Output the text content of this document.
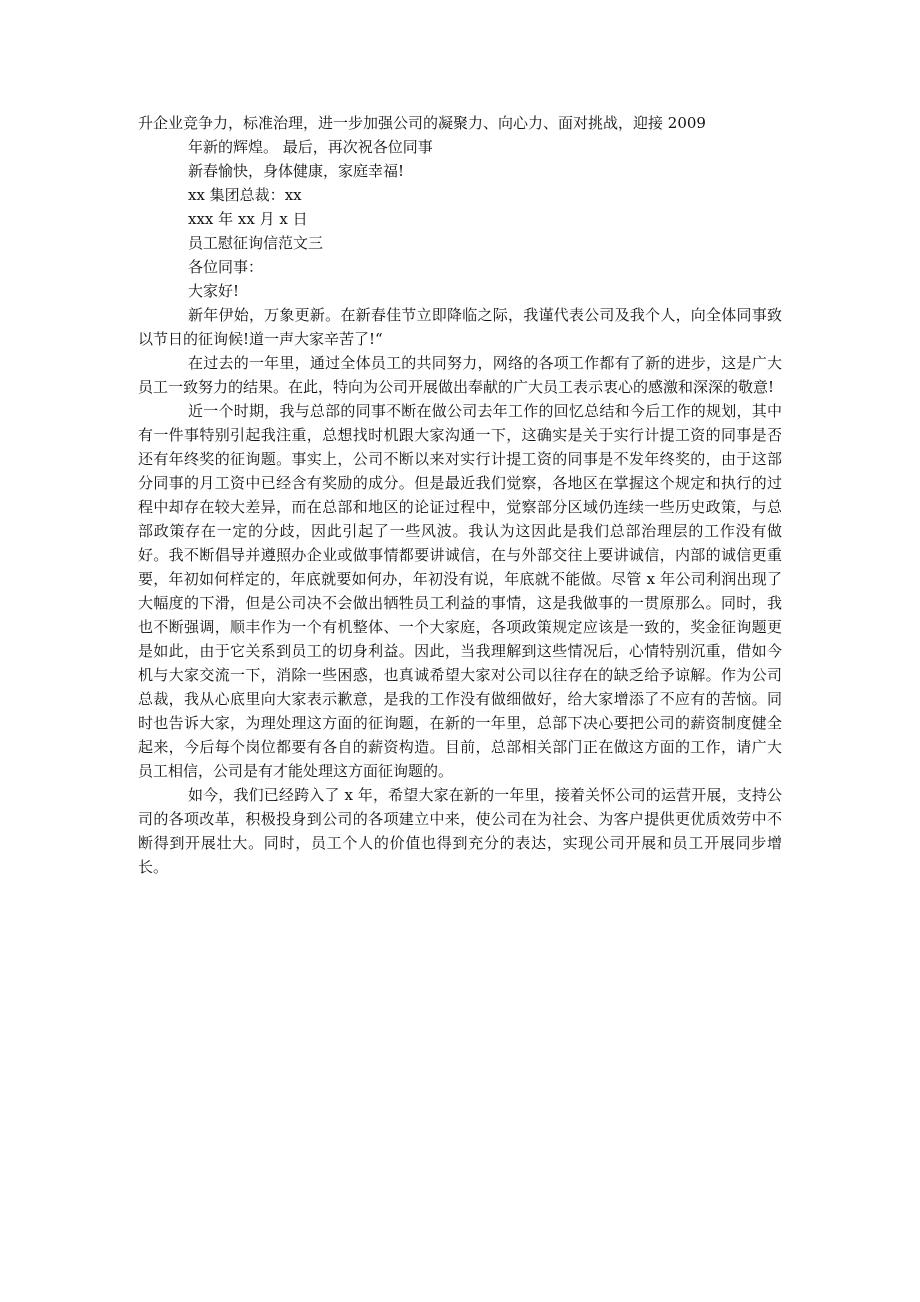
升企业竞争力，标准治理，进一步加强公司的凝聚力、向心力、面对挑战，迎接 2009
年新的辉煌。 最后，再次祝各位同事
新春愉快，身体健康，家庭幸福!
xx 集团总裁：xx
xxx 年 xx 月 x 日
员工慰征询信范文三
各位同事：
大家好!

新年伊始，万象更新。在新春佳节立即降临之际，我谨代表公司及我个人，向全体同事致以节日的征询候!道一声大家辛苦了!“

在过去的一年里，通过全体员工的共同努力，网络的各项工作都有了新的进步，这是广大员工一致努力的结果。在此，特向为公司开展做出奉献的广大员工表示衷心的感激和深深的敬意!

近一个时期，我与总部的同事不断在做公司去年工作的回忆总结和今后工作的规划，其中有一件事特别引起我注重，总想找时机跟大家沟通一下，这确实是关于实行计提工资的同事是否还有年终奖的征询题。事实上，公司不断以来对实行计提工资的同事是不发年终奖的，由于这部分同事的月工资中已经含有奖励的成分。但是最近我们觉察，各地区在掌握这个规定和执行的过程中却存在较大差异，而在总部和地区的论证过程中，觉察部分区域仍连续一些历史政策，与总部政策存在一定的分歧，因此引起了一些风波。我认为这因此是我们总部治理层的工作没有做好。我不断倡导并遵照办企业或做事情都要讲诚信，在与外部交往上要讲诚信，内部的诚信更重要，年初如何样定的，年底就要如何办，年初没有说，年底就不能做。尽管 x 年公司利润出现了大幅度的下滑，但是公司决不会做出牺牲员工利益的事情，这是我做事的一贯原那么。同时，我也不断强调，顺丰作为一个有机整体、一个大家庭，各项政策规定应该是一致的，奖金征询题更是如此，由于它关系到员工的切身利益。因此，当我理解到这些情况后，心情特别沉重，借如今机与大家交流一下，消除一些困惑，也真诚希望大家对公司以往存在的缺乏给予谅解。作为公司总裁，我从心底里向大家表示歉意，是我的工作没有做细做好，给大家增添了不应有的苦恼。同时也告诉大家，为理处理这方面的征询题，在新的一年里，总部下决心要把公司的薪资制度健全起来，今后每个岗位都要有各自的薪资构造。目前，总部相关部门正在做这方面的工作，请广大员工相信，公司是有才能处理这方面征询题的。

如今，我们已经跨入了 x 年，希望大家在新的一年里，接着关怀公司的运营开展，支持公司的各项改革，积极投身到公司的各项建立中来，使公司在为社会、为客户提供更优质效劳中不断得到开展壮大。同时，员工个人的价值也得到充分的表达，实现公司开展和员工开展同步增长。
